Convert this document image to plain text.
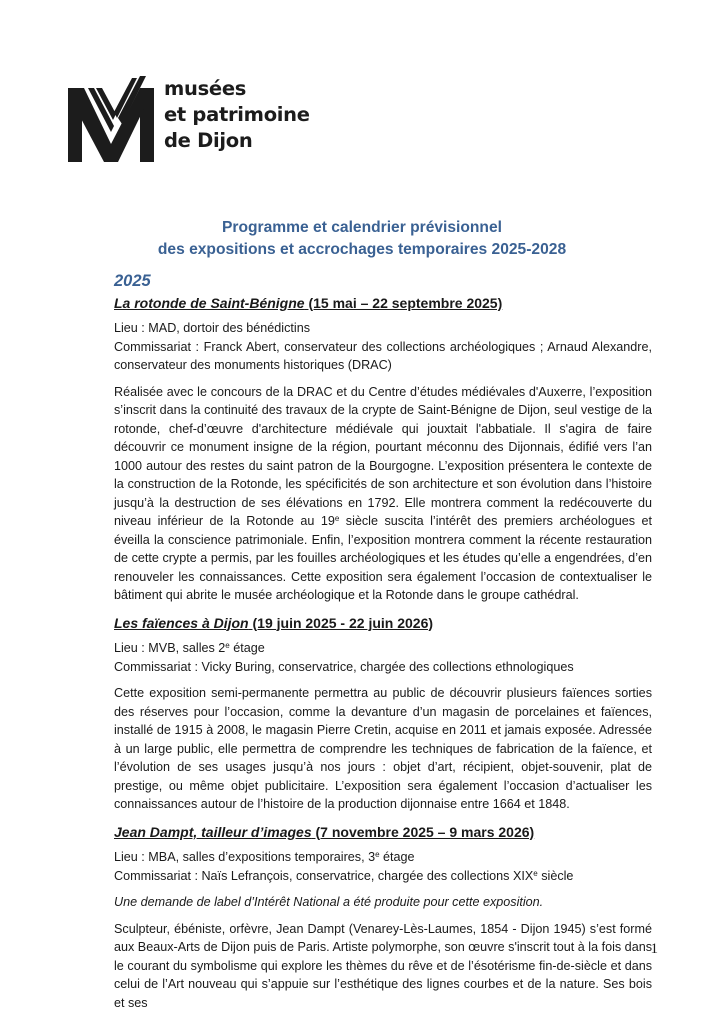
musées
et patrimoine
de Dijon
Programme et calendrier prévisionnel
des expositions et accrochages temporaires 2025-2028
2025
La rotonde de Saint-Bénigne (15 mai – 22 septembre 2025)
Lieu : MAD, dortoir des bénédictins
Commissariat : Franck Abert, conservateur des collections archéologiques ; Arnaud Alexandre, conservateur des monuments historiques (DRAC)

Réalisée avec le concours de la DRAC et du Centre d’études médiévales d'Auxerre, l’exposition s’inscrit dans la continuité des travaux de la crypte de Saint-Bénigne de Dijon, seul vestige de la rotonde, chef-d’œuvre d'architecture médiévale qui jouxtait l'abbatiale. Il s'agira de faire découvrir ce monument insigne de la région, pourtant méconnu des Dijonnais, édifié vers l’an 1000 autour des restes du saint patron de la Bourgogne. L’exposition présentera le contexte de la construction de la Rotonde, les spécificités de son architecture et son évolution dans l’histoire jusqu’à la destruction de ses élévations en 1792. Elle montrera comment la redécouverte du niveau inférieur de la Rotonde au 19e siècle suscita l’intérêt des premiers archéologues et éveilla la conscience patrimoniale. Enfin, l’exposition montrera comment la récente restauration de cette crypte a permis, par les fouilles archéologiques et les études qu’elle a engendrées, d’en renouveler les connaissances. Cette exposition sera également l’occasion de contextualiser le bâtiment qui abrite le musée archéologique et la Rotonde dans le groupe cathédral.

Les faïences à Dijon (19 juin 2025 - 22 juin 2026)
Lieu : MVB, salles 2e étage
Commissariat : Vicky Buring, conservatrice, chargée des collections ethnologiques

Cette exposition semi-permanente permettra au public de découvrir plusieurs faïences sorties des réserves pour l’occasion, comme la devanture d’un magasin de porcelaines et faïences, installé de 1915 à 2008, le magasin Pierre Cretin, acquise en 2011 et jamais exposée. Adressée à un large public, elle permettra de comprendre les techniques de fabrication de la faïence, et l’évolution de ses usages jusqu’à nos jours : objet d’art, récipient, objet-souvenir, plat de prestige, ou même objet publicitaire. L’exposition sera également l’occasion d’actualiser les connaissances autour de l’histoire de la production dijonnaise entre 1664 et 1848.

Jean Dampt, tailleur d’images (7 novembre 2025 – 9 mars 2026)
Lieu : MBA, salles d’expositions temporaires, 3e étage
Commissariat : Naïs Lefrançois, conservatrice, chargée des collections XIXe siècle

Une demande de label d’Intérêt National a été produite pour cette exposition.

Sculpteur, ébéniste, orfèvre, Jean Dampt (Venarey-Lès-Laumes, 1854 - Dijon 1945) s’est formé aux Beaux-Arts de Dijon puis de Paris. Artiste polymorphe, son œuvre s'inscrit tout à la fois dans le courant du symbolisme qui explore les thèmes du rêve et de l’ésotérisme fin-de-siècle et dans celui de l’Art nouveau qui s’appuie sur l’esthétique des lignes courbes et de la nature. Ses bois et ses

1
